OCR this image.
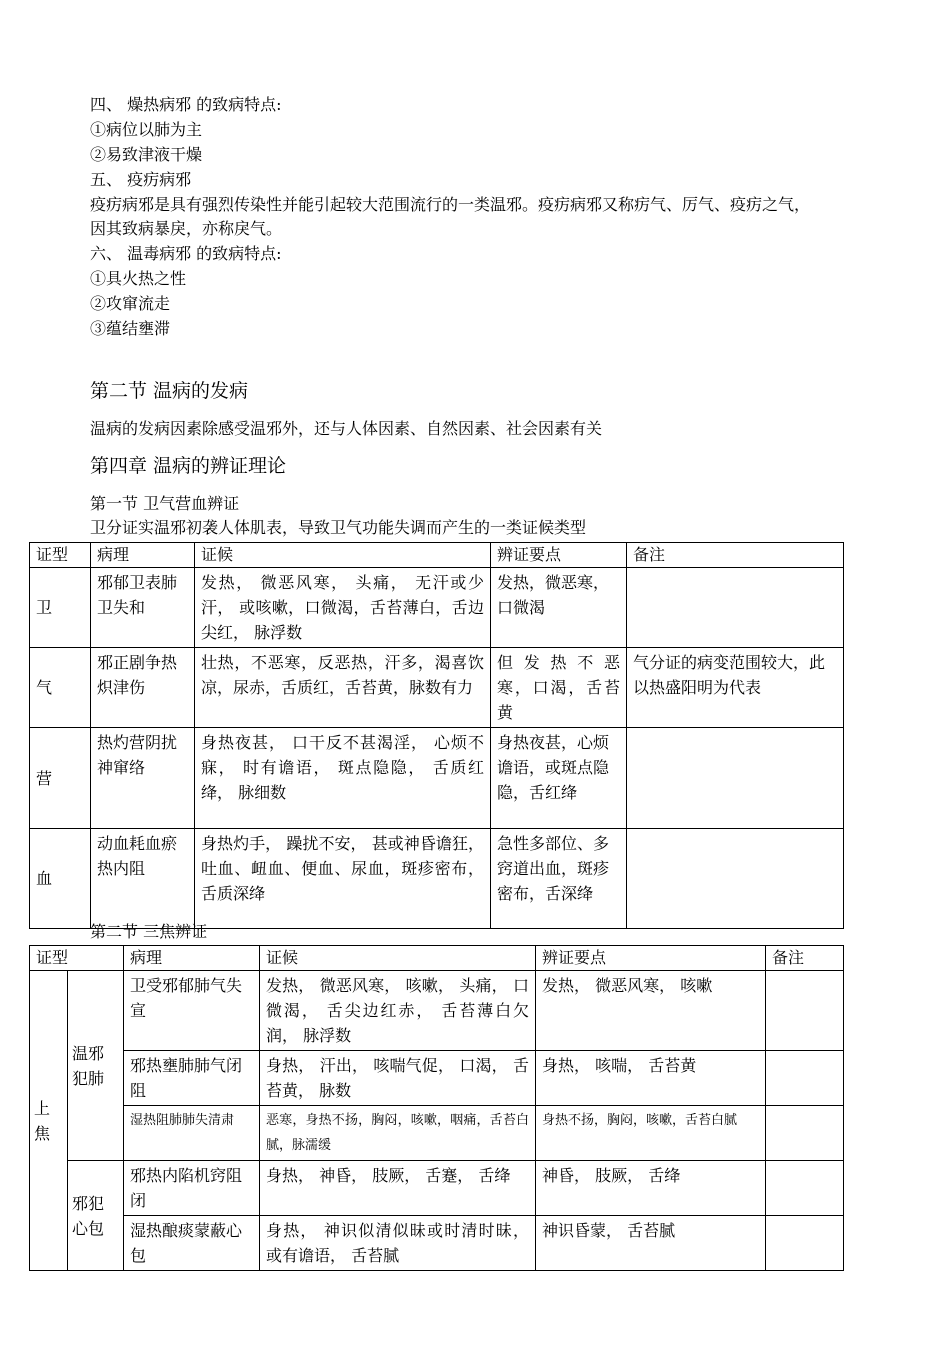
四、 燥热病邪 的致病特点:
①病位以肺为主
②易致津液干燥
五、 疫疠病邪
疫疠病邪是具有强烈传染性并能引起较大范围流行的一类温邪。疫疠病邪又称疠气、厉气、疫疠之气，因其致病暴戾，亦称戾气。
六、 温毒病邪 的致病特点:
①具火热之性
②攻窜流走
③蕴结壅滞
第二节 温病的发病
温病的发病因素除感受温邪外，还与人体因素、自然因素、社会因素有关
第四章 温病的辨证理论
第一节 卫气营血辨证
卫分证实温邪初袭人体肌表，导致卫气功能失调而产生的一类证候类型
证型	病理	证候	辨证要点	备注
卫	邪郁卫表肺卫失和	发热， 微恶风寒， 头痛， 无汗或少汗， 或咳嗽，口微渴，舌苔薄白，舌边尖红， 脉浮数	发热，微恶寒，口微渴	
气	邪正剧争热炽津伤	壮热，不恶寒，反恶热，汗多，渴喜饮凉，尿赤，舌质红，舌苔黄，脉数有力	但 发 热 不 恶寒，口渴，舌苔黄	气分证的病变范围较大，此以热盛阳明为代表
营	热灼营阴扰神窜络	身热夜甚， 口干反不甚渴淫， 心烦不寐， 时有谵语， 斑点隐隐， 舌质红绛， 脉细数	身热夜甚，心烦谵语，或斑点隐隐，舌红绛	
血	动血耗血瘀热内阻	身热灼手， 躁扰不安， 甚或神昏谵狂，吐血、衄血、便血、尿血，斑疹密布，舌质深绛	急性多部位、多窍道出血，斑疹密布，舌深绛	
第二节 三焦辨证
证型		病理	证候	辨证要点	备注
上焦	温邪犯肺	卫受邪郁肺气失宣	发热， 微恶风寒， 咳嗽， 头痛， 口微渴， 舌尖边红赤， 舌苔薄白欠润， 脉浮数	发热， 微恶风寒， 咳嗽	
		邪热壅肺肺气闭阻	身热， 汗出， 咳喘气促， 口渴， 舌苔黄， 脉数	身热， 咳喘， 舌苔黄	
		湿热阻肺肺失清肃	恶寒，身热不扬，胸闷，咳嗽，咽痛，舌苔白腻，脉濡缓	身热不扬，胸闷，咳嗽，舌苔白腻	
	邪犯心包	邪热内陷机窍阻闭	身热， 神昏， 肢厥， 舌蹇， 舌绛	神昏， 肢厥， 舌绛	
		湿热酿痰蒙蔽心包	身热， 神识似清似昧或时清时昧， 或有谵语， 舌苔腻	神识昏蒙， 舌苔腻	
